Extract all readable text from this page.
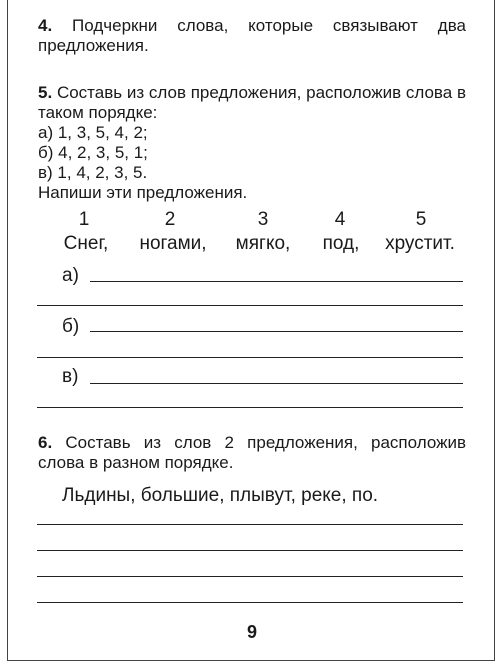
4. Подчеркни слова, которые связывают два предложения.

5. Составь из слов предложения, расположив слова в таком порядке:

а) 1, 3, 5, 4, 2;
б) 4, 2, 3, 5, 1;
в) 1, 4, 2, 3, 5.
Напиши эти предложения.
1	2	3	4	5
Снег, ногами, мягко, под, хрустит.
а)
б)
в)

6. Составь из слов 2 предложения, расположив слова в разном порядке.

Льдины, большие, плывут, реке, по.
9
